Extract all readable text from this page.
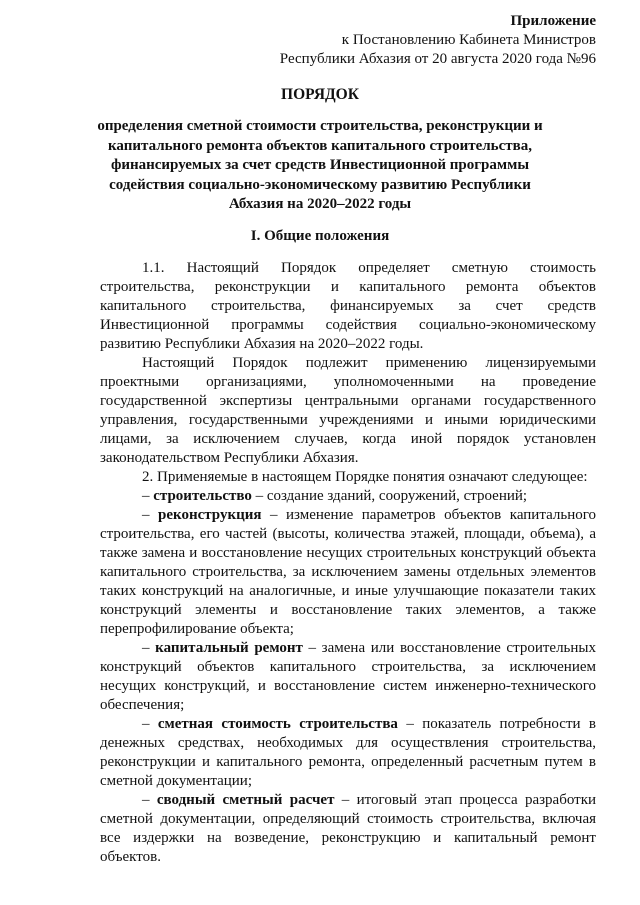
Приложение
к Постановлению Кабинета Министров
Республики Абхазия от 20 августа 2020 года №96
ПОРЯДОК
определения сметной стоимости строительства, реконструкции и капитального ремонта объектов капитального строительства, финансируемых за счет средств Инвестиционной программы содействия социально-экономическому развитию Республики Абхазия на 2020–2022 годы
I. Общие положения

1.1. Настоящий Порядок определяет сметную стоимость строительства, реконструкции и капитального ремонта объектов капитального строительства, финансируемых за счет средств Инвестиционной программы содействия социально-экономическому развитию Республики Абхазия на 2020–2022 годы.

Настоящий Порядок подлежит применению лицензируемыми проектными организациями, уполномоченными на проведение государственной экспертизы центральными органами государственного управления, государственными учреждениями и иными юридическими лицами, за исключением случаев, когда иной порядок установлен законодательством Республики Абхазия.

2. Применяемые в настоящем Порядке понятия означают следующее:

– строительство – создание зданий, сооружений, строений;

– реконструкция – изменение параметров объектов капитального строительства, его частей (высоты, количества этажей, площади, объема), а также замена и восстановление несущих строительных конструкций объекта капитального строительства, за исключением замены отдельных элементов таких конструкций на аналогичные, и иные улучшающие показатели таких конструкций элементы и восстановление таких элементов, а также перепрофилирование объекта;

– капитальный ремонт – замена или восстановление строительных конструкций объектов капитального строительства, за исключением несущих конструкций, и восстановление систем инженерно-технического обеспечения;

– сметная стоимость строительства – показатель потребности в денежных средствах, необходимых для осуществления строительства, реконструкции и капитального ремонта, определенный расчетным путем в сметной документации;

– сводный сметный расчет – итоговый этап процесса разработки сметной документации, определяющий стоимость строительства, включая все издержки на возведение, реконструкцию и капитальный ремонт объектов.
